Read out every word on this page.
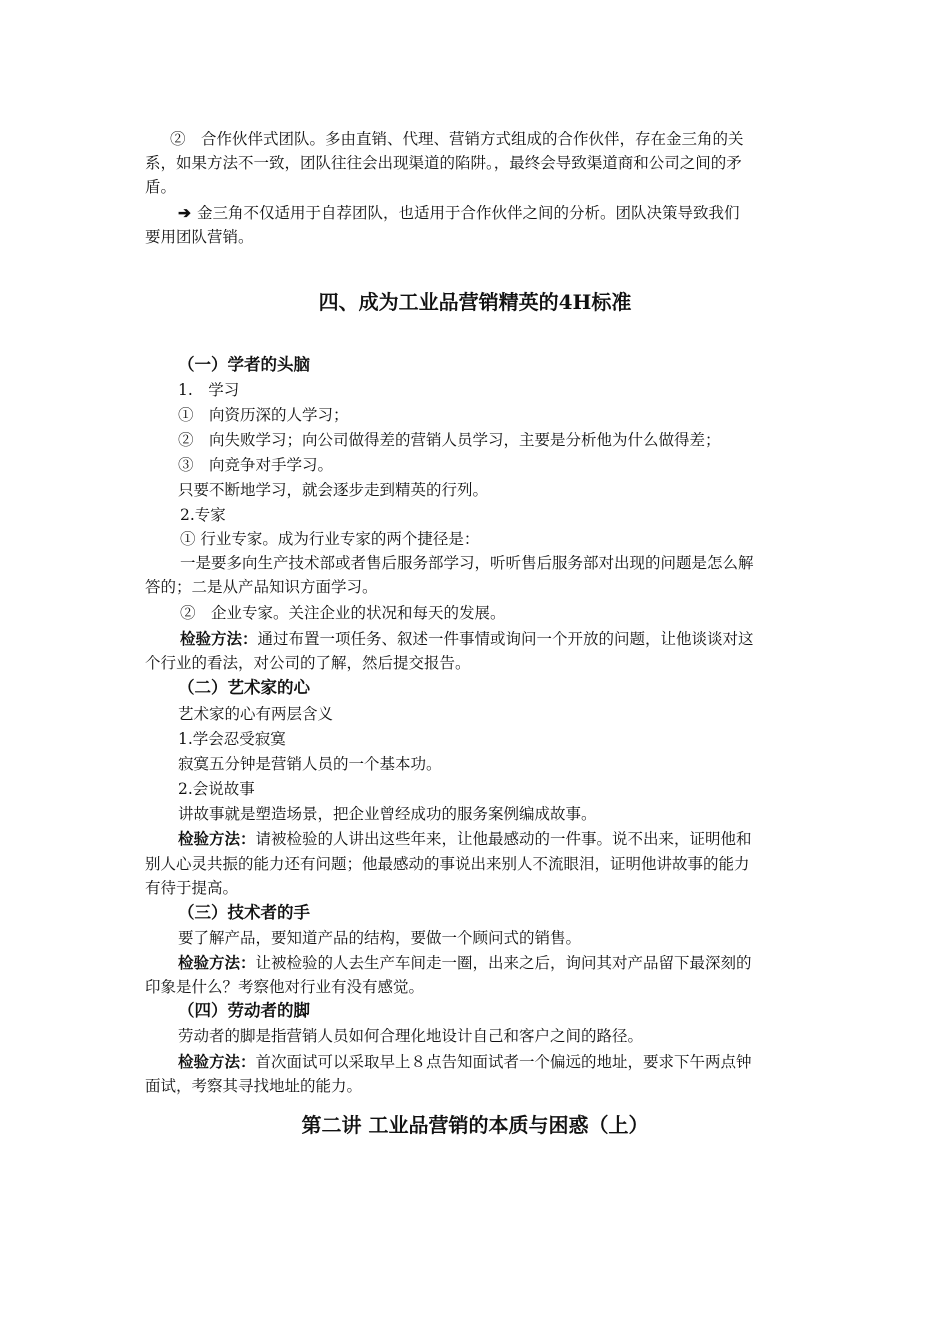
②　合作伙伴式团队。多由直销、代理、营销方式组成的合作伙伴，存在金三角的关
系，如果方法不一致，团队往往会出现渠道的陷阱。，最终会导致渠道商和公司之间的矛
盾。
➔ 金三角不仅适用于自荐团队，也适用于合作伙伴之间的分析。团队决策导致我们
要用团队营销。
四、成为工业品营销精英的4H标准
（一）学者的头脑
1.　学习
①　向资历深的人学习；
②　向失败学习；向公司做得差的营销人员学习，主要是分析他为什么做得差；
③　向竞争对手学习。
只要不断地学习，就会逐步走到精英的行列。
2.专家
① 行业专家。成为行业专家的两个捷径是：
一是要多向生产技术部或者售后服务部学习，听听售后服务部对出现的问题是怎么解
答的；二是从产品知识方面学习。
②　企业专家。关注企业的状况和每天的发展。
检验方法：通过布置一项任务、叙述一件事情或询问一个开放的问题，让他谈谈对这
个行业的看法，对公司的了解，然后提交报告。
（二）艺术家的心
艺术家的心有两层含义
1.学会忍受寂寞
寂寞五分钟是营销人员的一个基本功。
2.会说故事
讲故事就是塑造场景，把企业曾经成功的服务案例编成故事。
检验方法：请被检验的人讲出这些年来，让他最感动的一件事。说不出来，证明他和
别人心灵共振的能力还有问题；他最感动的事说出来别人不流眼泪，证明他讲故事的能力
有待于提高。
（三）技术者的手
要了解产品，要知道产品的结构，要做一个顾问式的销售。
检验方法：让被检验的人去生产车间走一圈，出来之后，询问其对产品留下最深刻的
印象是什么？考察他对行业有没有感觉。
（四）劳动者的脚
劳动者的脚是指营销人员如何合理化地设计自己和客户之间的路径。
检验方法：首次面试可以采取早上８点告知面试者一个偏远的地址，要求下午两点钟
面试，考察其寻找地址的能力。
第二讲 工业品营销的本质与困惑（上）
